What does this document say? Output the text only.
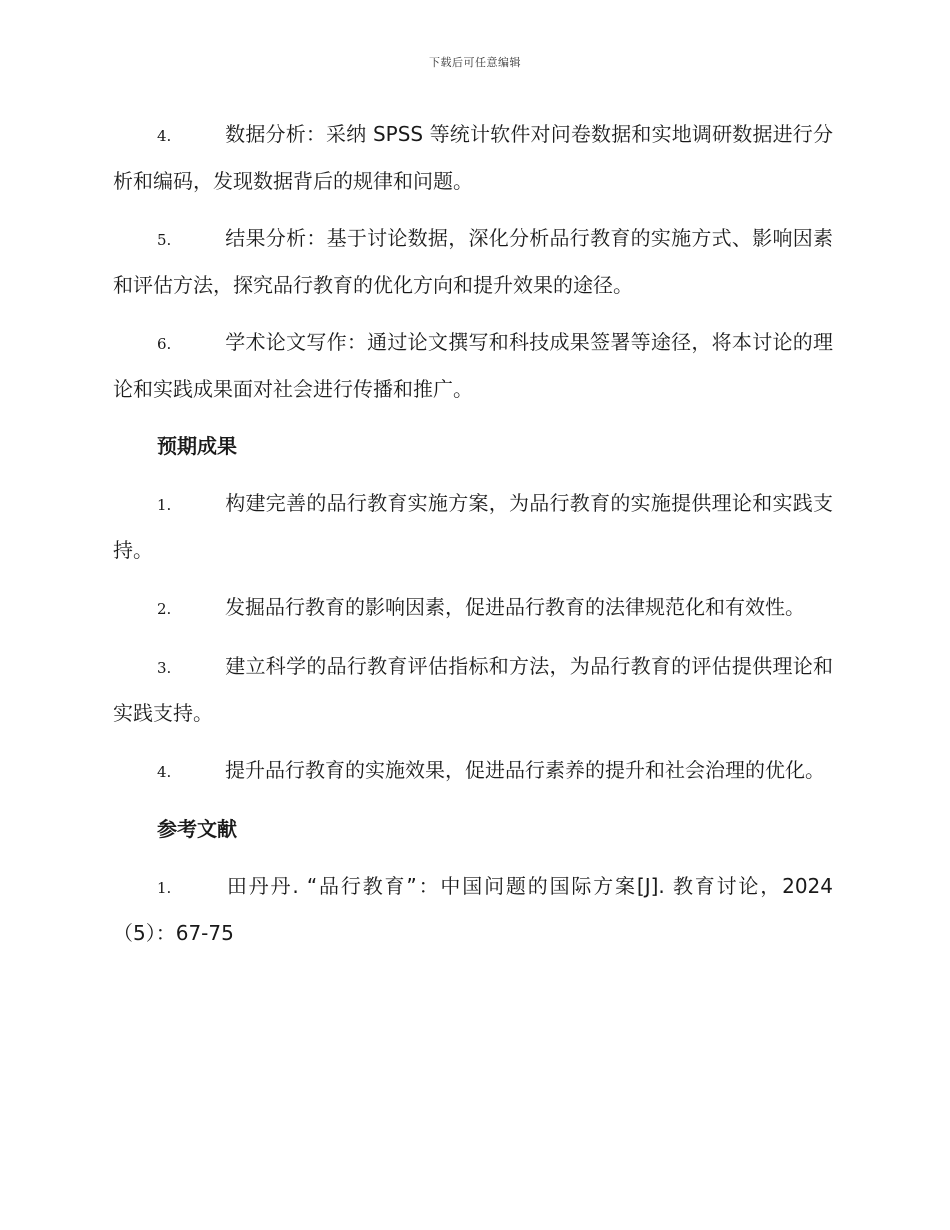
下载后可任意编辑

4.	数据分析：采纳 SPSS 等统计软件对问卷数据和实地调研数据进行分析和编码，发现数据背后的规律和问题。

5.	结果分析：基于讨论数据，深化分析品行教育的实施方式、影响因素和评估方法，探究品行教育的优化方向和提升效果的途径。

6.	学术论文写作：通过论文撰写和科技成果签署等途径，将本讨论的理论和实践成果面对社会进行传播和推广。

预期成果

1.	构建完善的品行教育实施方案，为品行教育的实施提供理论和实践支持。

2.	发掘品行教育的影响因素，促进品行教育的法律规范化和有效性。

3.	建立科学的品行教育评估指标和方法，为品行教育的评估提供理论和实践支持。

4.	提升品行教育的实施效果，促进品行素养的提升和社会治理的优化。

参考文献

1.	田丹丹. “品行教育”：中国问题的国际方案[J]. 教育讨论，2024（5）：67-75
